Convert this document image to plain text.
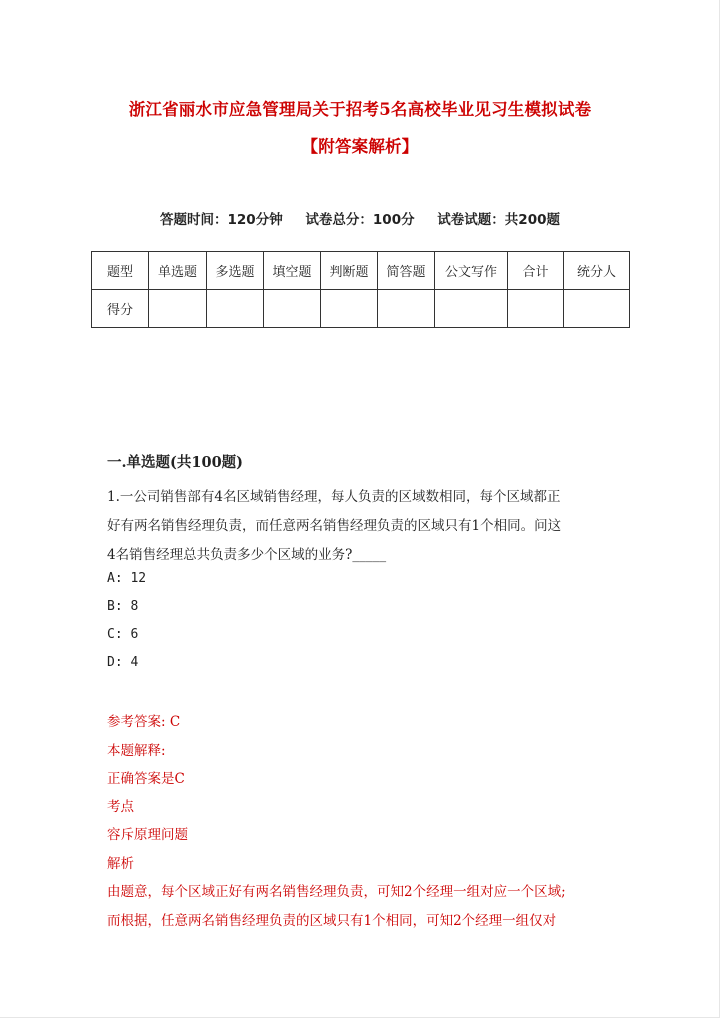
浙江省丽水市应急管理局关于招考5名高校毕业见习生模拟试卷
【附答案解析】
答题时间：120分钟 试卷总分：100分 试卷试题：共200题
题型	单选题	多选题	填空题	判断题	简答题	公文写作	合计	统分人
得分								
一.单选题(共100题)
1.一公司销售部有4名区域销售经理，每人负责的区域数相同，每个区域都正
好有两名销售经理负责，而任意两名销售经理负责的区域只有1个相同。问这
4名销售经理总共负责多少个区域的业务?_____
A: 12
B: 8
C: 6
D: 4
参考答案: C
本题解释:
正确答案是C
考点
容斥原理问题
解析
由题意，每个区域正好有两名销售经理负责，可知2个经理一组对应一个区域;
而根据，任意两名销售经理负责的区域只有1个相同，可知2个经理一组仅对
